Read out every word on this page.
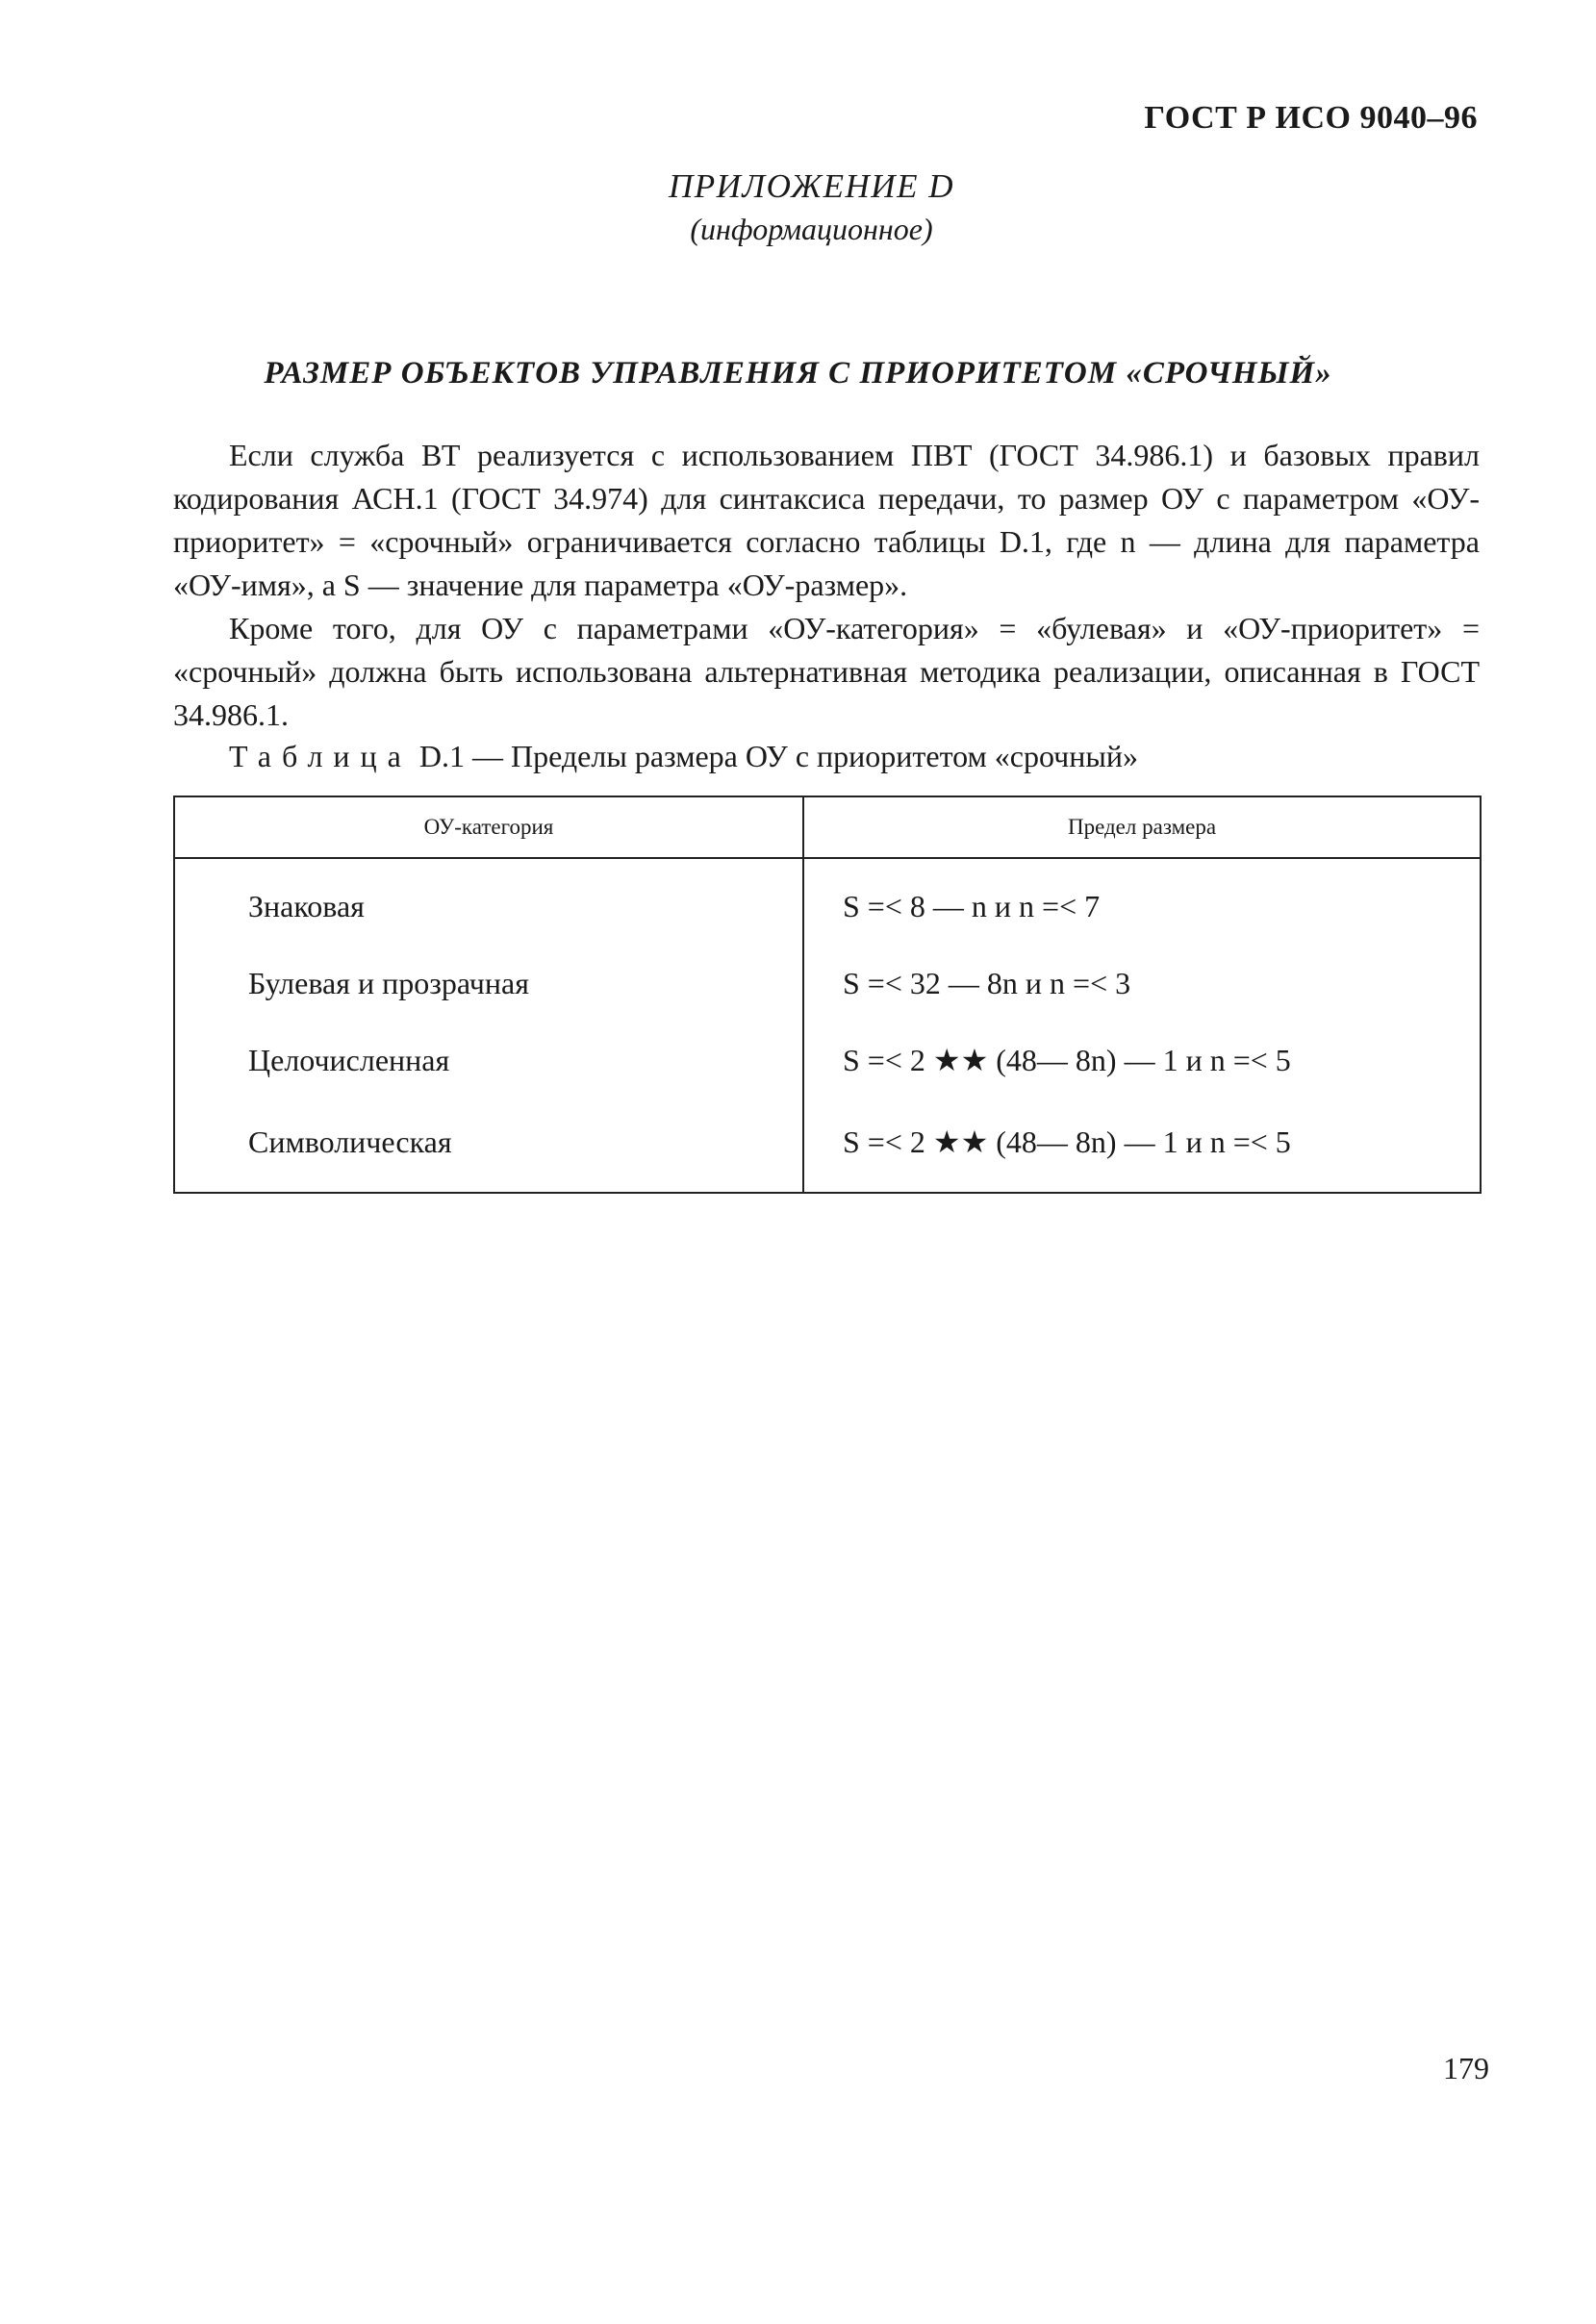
ГОСТ Р ИСО 9040–96
ПРИЛОЖЕНИЕ D
(информационное)
РАЗМЕР ОБЪЕКТОВ УПРАВЛЕНИЯ С ПРИОРИТЕТОМ «СРОЧНЫЙ»

Если служба ВТ реализуется с использованием ПВТ (ГОСТ 34.986.1) и базовых правил кодирования АСН.1 (ГОСТ 34.974) для синтаксиса передачи, то размер ОУ с параметром «ОУ-приоритет» = «срочный» ограничивается согласно таблицы D.1, где n — длина для параметра «ОУ-имя», а S — значение для параметра «ОУ-размер».

Кроме того, для ОУ с параметрами «ОУ-категория» = «булевая» и «ОУ-приоритет» = «срочный» должна быть использована альтернативная методика реализации, описанная в ГОСТ 34.986.1.

Таблица D.1 — Пределы размера ОУ с приоритетом «срочный»
ОУ-категория	Предел размера
Знаковая	S =< 8 — n и n =< 7
Булевая и прозрачная	S =< 32 — 8n и n =< 3
Целочисленная	S =< 2 ★★ (48— 8n) — 1 и n =< 5
Символическая	S =< 2 ★★ (48— 8n) — 1 и n =< 5
179
